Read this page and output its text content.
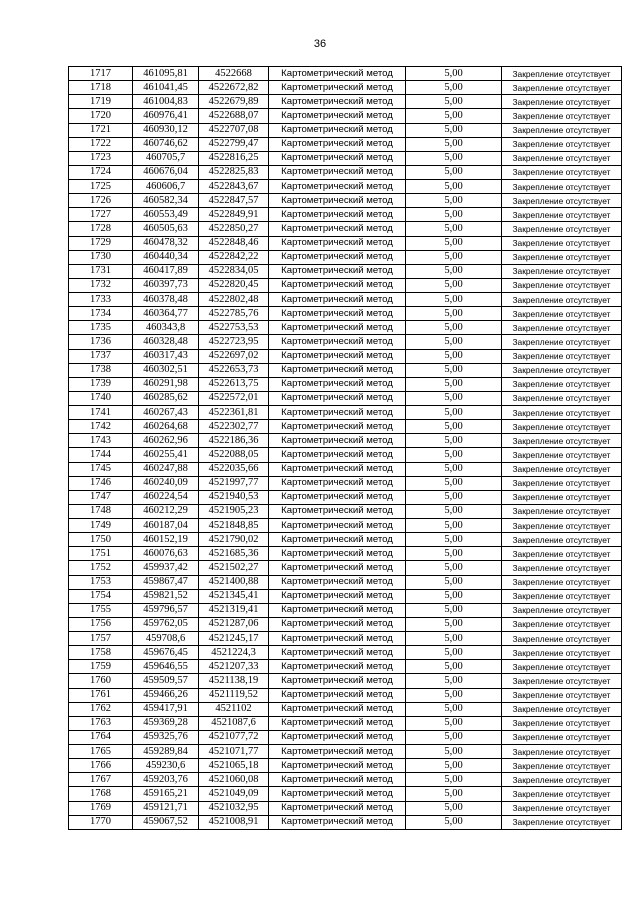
36
1717	461095,81	4522668	Картометрический метод	5,00	Закрепление отсутствует
1718	461041,45	4522672,82	Картометрический метод	5,00	Закрепление отсутствует
1719	461004,83	4522679,89	Картометрический метод	5,00	Закрепление отсутствует
1720	460976,41	4522688,07	Картометрический метод	5,00	Закрепление отсутствует
1721	460930,12	4522707,08	Картометрический метод	5,00	Закрепление отсутствует
1722	460746,62	4522799,47	Картометрический метод	5,00	Закрепление отсутствует
1723	460705,7	4522816,25	Картометрический метод	5,00	Закрепление отсутствует
1724	460676,04	4522825,83	Картометрический метод	5,00	Закрепление отсутствует
1725	460606,7	4522843,67	Картометрический метод	5,00	Закрепление отсутствует
1726	460582,34	4522847,57	Картометрический метод	5,00	Закрепление отсутствует
1727	460553,49	4522849,91	Картометрический метод	5,00	Закрепление отсутствует
1728	460505,63	4522850,27	Картометрический метод	5,00	Закрепление отсутствует
1729	460478,32	4522848,46	Картометрический метод	5,00	Закрепление отсутствует
1730	460440,34	4522842,22	Картометрический метод	5,00	Закрепление отсутствует
1731	460417,89	4522834,05	Картометрический метод	5,00	Закрепление отсутствует
1732	460397,73	4522820,45	Картометрический метод	5,00	Закрепление отсутствует
1733	460378,48	4522802,48	Картометрический метод	5,00	Закрепление отсутствует
1734	460364,77	4522785,76	Картометрический метод	5,00	Закрепление отсутствует
1735	460343,8	4522753,53	Картометрический метод	5,00	Закрепление отсутствует
1736	460328,48	4522723,95	Картометрический метод	5,00	Закрепление отсутствует
1737	460317,43	4522697,02	Картометрический метод	5,00	Закрепление отсутствует
1738	460302,51	4522653,73	Картометрический метод	5,00	Закрепление отсутствует
1739	460291,98	4522613,75	Картометрический метод	5,00	Закрепление отсутствует
1740	460285,62	4522572,01	Картометрический метод	5,00	Закрепление отсутствует
1741	460267,43	4522361,81	Картометрический метод	5,00	Закрепление отсутствует
1742	460264,68	4522302,77	Картометрический метод	5,00	Закрепление отсутствует
1743	460262,96	4522186,36	Картометрический метод	5,00	Закрепление отсутствует
1744	460255,41	4522088,05	Картометрический метод	5,00	Закрепление отсутствует
1745	460247,88	4522035,66	Картометрический метод	5,00	Закрепление отсутствует
1746	460240,09	4521997,77	Картометрический метод	5,00	Закрепление отсутствует
1747	460224,54	4521940,53	Картометрический метод	5,00	Закрепление отсутствует
1748	460212,29	4521905,23	Картометрический метод	5,00	Закрепление отсутствует
1749	460187,04	4521848,85	Картометрический метод	5,00	Закрепление отсутствует
1750	460152,19	4521790,02	Картометрический метод	5,00	Закрепление отсутствует
1751	460076,63	4521685,36	Картометрический метод	5,00	Закрепление отсутствует
1752	459937,42	4521502,27	Картометрический метод	5,00	Закрепление отсутствует
1753	459867,47	4521400,88	Картометрический метод	5,00	Закрепление отсутствует
1754	459821,52	4521345,41	Картометрический метод	5,00	Закрепление отсутствует
1755	459796,57	4521319,41	Картометрический метод	5,00	Закрепление отсутствует
1756	459762,05	4521287,06	Картометрический метод	5,00	Закрепление отсутствует
1757	459708,6	4521245,17	Картометрический метод	5,00	Закрепление отсутствует
1758	459676,45	4521224,3	Картометрический метод	5,00	Закрепление отсутствует
1759	459646,55	4521207,33	Картометрический метод	5,00	Закрепление отсутствует
1760	459509,57	4521138,19	Картометрический метод	5,00	Закрепление отсутствует
1761	459466,26	4521119,52	Картометрический метод	5,00	Закрепление отсутствует
1762	459417,91	4521102	Картометрический метод	5,00	Закрепление отсутствует
1763	459369,28	4521087,6	Картометрический метод	5,00	Закрепление отсутствует
1764	459325,76	4521077,72	Картометрический метод	5,00	Закрепление отсутствует
1765	459289,84	4521071,77	Картометрический метод	5,00	Закрепление отсутствует
1766	459230,6	4521065,18	Картометрический метод	5,00	Закрепление отсутствует
1767	459203,76	4521060,08	Картометрический метод	5,00	Закрепление отсутствует
1768	459165,21	4521049,09	Картометрический метод	5,00	Закрепление отсутствует
1769	459121,71	4521032,95	Картометрический метод	5,00	Закрепление отсутствует
1770	459067,52	4521008,91	Картометрический метод	5,00	Закрепление отсутствует
